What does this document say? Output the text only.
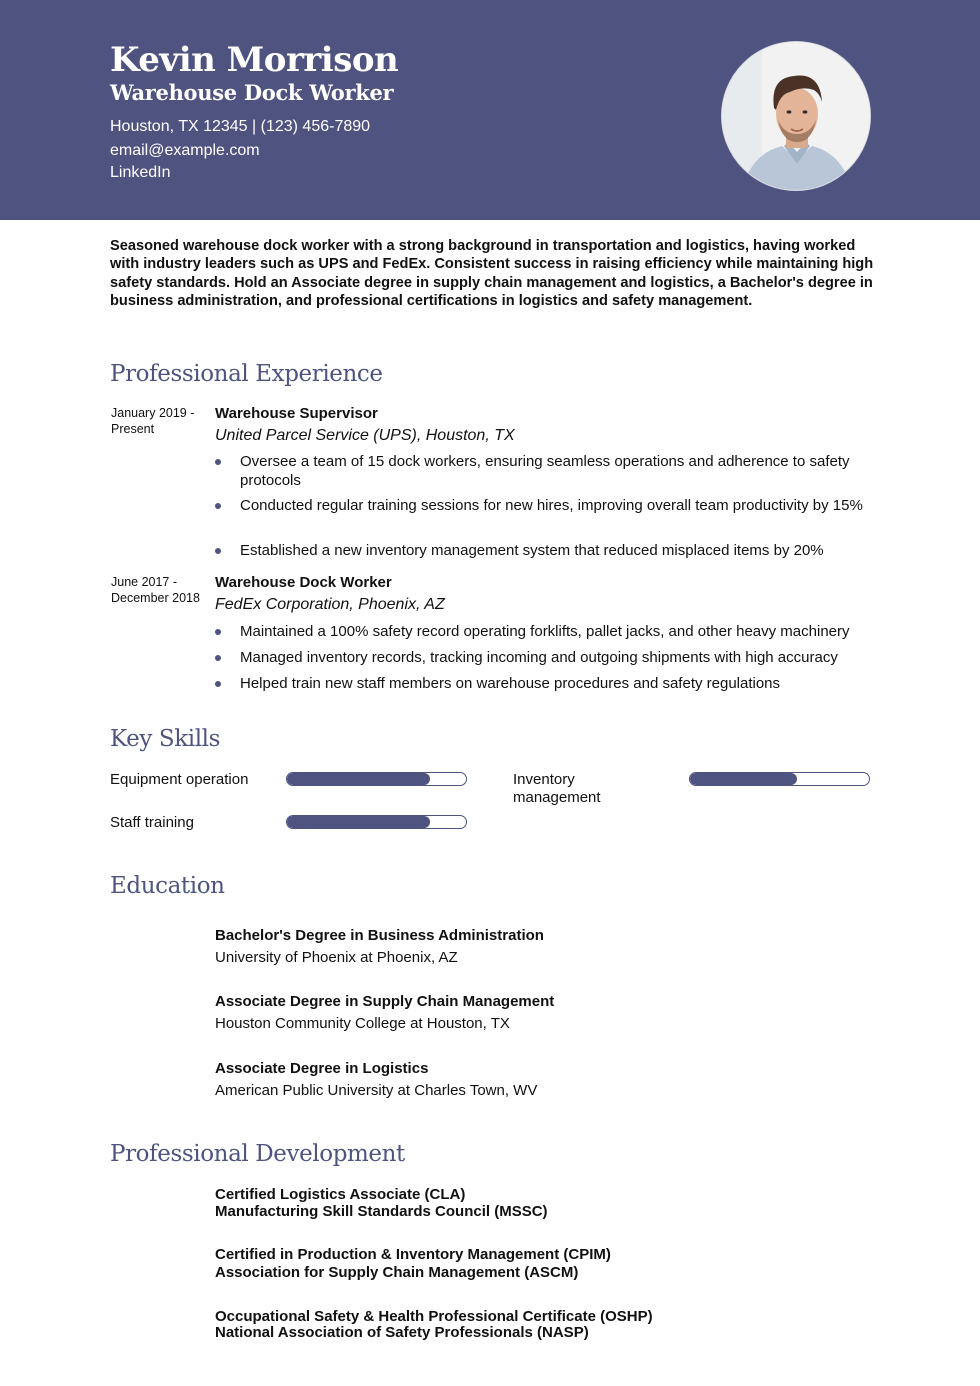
Kevin Morrison
Warehouse Dock Worker
Houston, TX 12345 | (123) 456-7890
email@example.com
LinkedIn
Seasoned warehouse dock worker with a strong background in transportation and logistics, having worked with industry leaders such as UPS and FedEx. Consistent success in raising efficiency while maintaining high safety standards. Hold an Associate degree in supply chain management and logistics, a Bachelor's degree in business administration, and professional certifications in logistics and safety management.
Professional Experience
January 2019 - Present
Warehouse Supervisor
United Parcel Service (UPS), Houston, TX
Oversee a team of 15 dock workers, ensuring seamless operations and adherence to safety protocols
Conducted regular training sessions for new hires, improving overall team productivity by 15%
Established a new inventory management system that reduced misplaced items by 20%
June 2017 - December 2018
Warehouse Dock Worker
FedEx Corporation, Phoenix, AZ
Maintained a 100% safety record operating forklifts, pallet jacks, and other heavy machinery
Managed inventory records, tracking incoming and outgoing shipments with high accuracy
Helped train new staff members on warehouse procedures and safety regulations
Key Skills
Equipment operation	Inventory management
Staff training
Education
Bachelor's Degree in Business Administration
University of Phoenix at Phoenix, AZ
Associate Degree in Supply Chain Management
Houston Community College at Houston, TX
Associate Degree in Logistics
American Public University at Charles Town, WV
Professional Development
Certified Logistics Associate (CLA)
Manufacturing Skill Standards Council (MSSC)
Certified in Production & Inventory Management (CPIM)
Association for Supply Chain Management (ASCM)
Occupational Safety & Health Professional Certificate (OSHP)
National Association of Safety Professionals (NASP)
